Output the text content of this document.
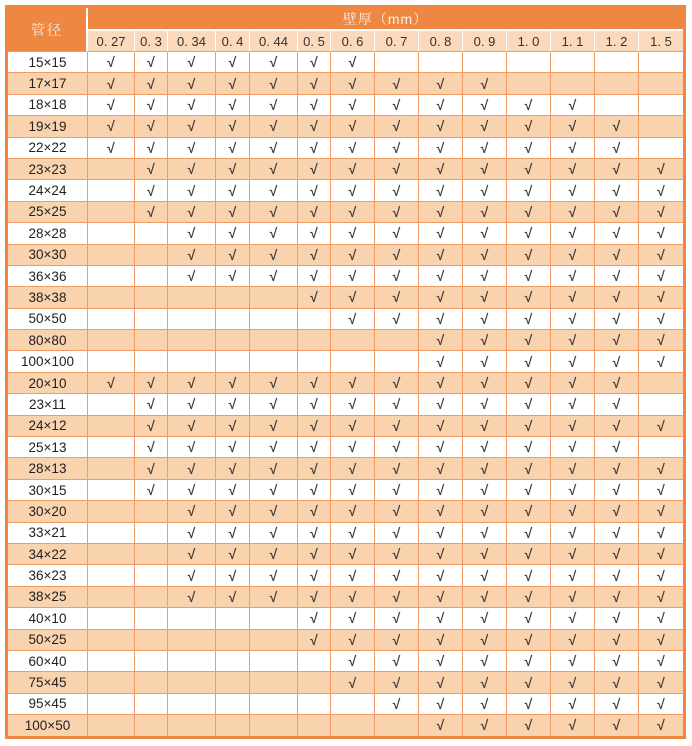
管径	壁厚（mm）													
	0. 27	0. 3	0. 34	0. 4	0. 44	0. 5	0. 6	0. 7	0. 8	0. 9	1. 0	1. 1	1. 2	1. 5
15×15	√	√	√	√	√	√	√							
17×17	√	√	√	√	√	√	√	√	√	√				
18×18	√	√	√	√	√	√	√	√	√	√	√	√		
19×19	√	√	√	√	√	√	√	√	√	√	√	√	√	
22×22	√	√	√	√	√	√	√	√	√	√	√	√	√	
23×23		√	√	√	√	√	√	√	√	√	√	√	√	√
24×24		√	√	√	√	√	√	√	√	√	√	√	√	√
25×25		√	√	√	√	√	√	√	√	√	√	√	√	√
28×28			√	√	√	√	√	√	√	√	√	√	√	√
30×30			√	√	√	√	√	√	√	√	√	√	√	√
36×36			√	√	√	√	√	√	√	√	√	√	√	√
38×38						√	√	√	√	√	√	√	√	√
50×50							√	√	√	√	√	√	√	√
80×80									√	√	√	√	√	√
100×100									√	√	√	√	√	√
20×10	√	√	√	√	√	√	√	√	√	√	√	√	√	
23×11		√	√	√	√	√	√	√	√	√	√	√	√	
24×12		√	√	√	√	√	√	√	√	√	√	√	√	√
25×13		√	√	√	√	√	√	√	√	√	√	√	√	
28×13		√	√	√	√	√	√	√	√	√	√	√	√	√
30×15		√	√	√	√	√	√	√	√	√	√	√	√	√
30×20			√	√	√	√	√	√	√	√	√	√	√	√
33×21			√	√	√	√	√	√	√	√	√	√	√	√
34×22			√	√	√	√	√	√	√	√	√	√	√	√
36×23			√	√	√	√	√	√	√	√	√	√	√	√
38×25			√	√	√	√	√	√	√	√	√	√	√	√
40×10						√	√	√	√	√	√	√	√	√
50×25						√	√	√	√	√	√	√	√	√
60×40							√	√	√	√	√	√	√	√
75×45							√	√	√	√	√	√	√	√
95×45								√	√	√	√	√	√	√
100×50									√	√	√	√	√	√
